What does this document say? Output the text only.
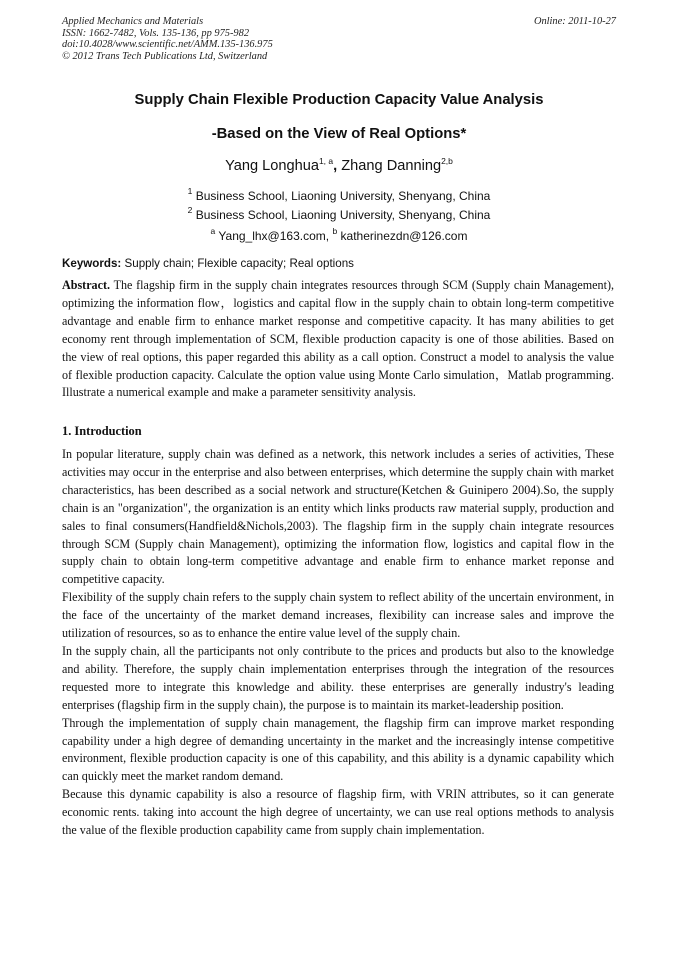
Applied Mechanics and Materials
ISSN: 1662-7482, Vols. 135-136, pp 975-982
doi:10.4028/www.scientific.net/AMM.135-136.975
© 2012 Trans Tech Publications Ltd, Switzerland
Online: 2011-10-27
Supply Chain Flexible Production Capacity Value Analysis
-Based on the View of Real Options*
Yang Longhua$^{1, a}$, Zhang Danning$^{2,b}$
$^1$ Business School, Liaoning University, Shenyang, China
$^2$ Business School, Liaoning University, Shenyang, China
$^a$ Yang_lhx@163.com, $^b$ katherinezdn@126.com
Keywords: Supply chain; Flexible capacity; Real options

Abstract. The flagship firm in the supply chain integrates resources through SCM (Supply chain Management), optimizing the information flow，logistics and capital flow in the supply chain to obtain long-term competitive advantage and enable firm to enhance market response and competitive capacity. It has many abilities to get economy rent through implementation of SCM, flexible production capacity is one of those abilities. Based on the view of real options, this paper regarded this ability as a call option. Construct a model to analysis the value of flexible production capacity. Calculate the option value using Monte Carlo simulation，Matlab programming. Illustrate a numerical example and make a parameter sensitivity analysis.

1. Introduction

In popular literature, supply chain was defined as a network, this network includes a series of activities, These activities may occur in the enterprise and also between enterprises, which determine the supply chain with market characteristics, has been described as a social network and structure(Ketchen & Guinipero 2004).So, the supply chain is an "organization", the organization is an entity which links products raw material supply, production and sales to final consumers(Handfield&Nichols,2003). The flagship firm in the supply chain integrate resources through SCM (Supply chain Management), optimizing the information flow, logistics and capital flow in the supply chain to obtain long-term competitive advantage and enable firm to enhance market reponse and competitive capacity.

Flexibility of the supply chain refers to the supply chain system to reflect ability of the uncertain environment, in the face of the uncertainty of the market demand increases, flexibility can increase sales and improve the utilization of resources, so as to enhance the entire value level of the supply chain.

In the supply chain, all the participants not only contribute to the prices and products but also to the knowledge and ability. Therefore, the supply chain implementation enterprises through the integration of the resources requested more to integrate this knowledge and ability. these enterprises are generally industry's leading enterprises (flagship firm in the supply chain), the purpose is to maintain its market-leadership position.

Through the implementation of supply chain management, the flagship firm can improve market responding capability under a high degree of demanding uncertainty in the market and the increasingly intense competitive environment, flexible production capacity is one of this capability, and this ability is a dynamic capability which can quickly meet the market random demand.

Because this dynamic capability is also a resource of flagship firm, with VRIN attributes, so it can generate economic rents. taking into account the high degree of uncertainty, we can use real options methods to analysis the value of the flexible production capability came from supply chain implementation.
